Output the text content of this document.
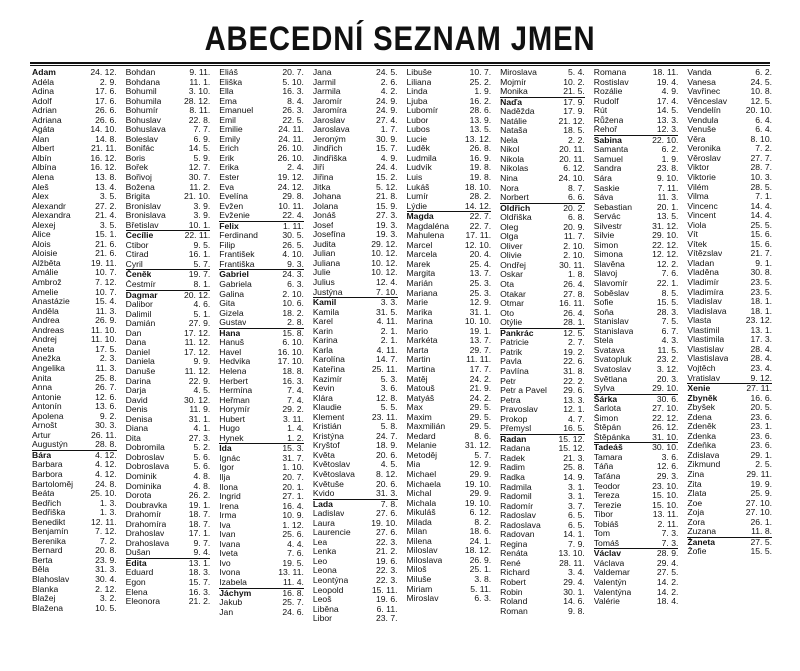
ABECEDNÍ SEZNAM JMEN
Adam	24. 12.
Adéla	2. 9.
Adina	17. 6.
Adolf	17. 6.
Adrian	26. 6.
Adriana	26. 6.
Agáta	14. 10.
Alan	14. 8.
Albert	21. 11.
Albín	16. 12.
Albína	16. 12.
Alena	13. 8.
Aleš	13. 4.
Alex	3. 5.
Alexandr	27. 2.
Alexandra	21. 4.
Alexej	3. 5.
Alice	15. 1.
Alois	21. 6.
Aloisie	21. 6.
Alžběta	19. 11.
Amálie	10. 7.
Ambrož	7. 12.
Amelie	10. 7.
Anastázie	15. 4.
Anděla	11. 3.
Andrea	26. 9.
Andreas	11. 10.
Andrej	11. 10.
Aneta	17. 5.
Anežka	2. 3.
Angelika	11. 3.
Anita	25. 8.
Anna	26. 7.
Antonie	12. 6.
Antonín	13. 6.
Apolena	9. 2.
Arnošt	30. 3.
Artur	26. 11.
Augustýn	28. 8.
Bára	4. 12.
Barbara	4. 12.
Barbora	4. 12.
Bartoloměj	24. 8.
Beáta	25. 10.
Bedřich	1. 3.
Bedřiška	1. 3.
Benedikt	12. 11.
Benjamín	7. 12.
Berenika	7. 2.
Bernard	20. 8.
Berta	23. 9.
Běla	31. 3.
Blahoslav	30. 4.
Blanka	2. 12.
Blažej	3. 2.
Blažena	10. 5.
Bohdan	9. 11.
Bohdana	11. 1.
Bohumil	3. 10.
Bohumila	28. 12.
Bohumír	8. 11.
Bohuslav	22. 8.
Bohuslava	7. 7.
Boleslav	6. 9.
Bonifác	14. 5.
Boris	5. 9.
Bořek	12. 7.
Bořivoj	30. 7.
Božena	11. 2.
Brigita	21. 10.
Bronislav	3. 9.
Bronislava	3. 9.
Břetislav	10. 1.
Cecílie	22. 11.
Ctibor	9. 5.
Ctirad	16. 1.
Cyril	5. 7.
Čeněk	19. 7.
Čestmír	8. 1.
Dagmar	20. 12.
Dalibor	4. 6.
Dalimil	5. 1.
Damián	27. 9.
Dan	17. 12.
Dana	11. 12.
Daniel	17. 12.
Daniela	9. 9.
Danuše	11. 12.
Darina	22. 9.
Darja	4. 5.
David	30. 12.
Denis	11. 9.
Denisa	31. 1.
Diana	4. 1.
Dita	27. 3.
Dobromila	5. 2.
Dobroslav	5. 6.
Dobroslava	5. 6.
Dominik	4. 8.
Dominika	4. 8.
Dorota	26. 2.
Doubravka	19. 1.
Drahomír	18. 7.
Drahomíra	18. 7.
Drahoslav	17. 1.
Drahoslava	9. 7.
Dušan	9. 4.
Edita	13. 1.
Eduard	18. 3.
Egon	15. 7.
Elena	16. 3.
Eleonora	21. 2.
Eliáš	20. 7.
Eliška	5. 10.
Ella	16. 3.
Ema	8. 4.
Emanuel	26. 3.
Emil	22. 5.
Emilie	24. 11.
Emily	24. 11.
Erich	26. 10.
Erik	26. 10.
Erika	2. 4.
Ester	19. 12.
Eva	24. 12.
Evelína	29. 8.
Evžen	10. 11.
Evženie	22. 4.
Felix	1. 11.
Ferdinand	30. 5.
Filip	26. 5.
František	4. 10.
Františka	9. 3.
Gabriel	24. 3.
Gabriela	6. 3.
Galina	2. 10.
Gita	10. 6.
Gizela	18. 2.
Gustav	2. 8.
Hana	15. 8.
Hanuš	6. 10.
Havel	16. 10.
Hedvika	17. 10.
Helena	18. 8.
Herbert	16. 3.
Hermína	7. 4.
Heřman	7. 4.
Horymír	29. 2.
Hubert	3. 11.
Hugo	1. 4.
Hynek	1. 2.
Ida	15. 3.
Ignác	31. 7.
Igor	1. 10.
Ilja	20. 7.
Ilona	20. 1.
Ingrid	27. 1.
Irena	16. 4.
Irma	10. 9.
Iva	1. 12.
Ivan	25. 6.
Ivana	4. 4.
Iveta	7. 6.
Ivo	19. 5.
Ivona	13. 11.
Izabela	11. 4.
Jáchym	16. 8.
Jakub	25. 7.
Jan	24. 6.
Jana	24. 5.
Jarmil	2. 6.
Jarmila	4. 2.
Jaromír	24. 9.
Jaromíra	24. 9.
Jaroslav	27. 4.
Jaroslava	1. 7.
Jeroným	30. 9.
Jindřich	15. 7.
Jindřiška	4. 9.
Jiří	24. 4.
Jiřina	15. 2.
Jitka	5. 12.
Johana	21. 8.
Jolana	15. 9.
Jonáš	27. 3.
Josef	19. 3.
Josefína	19. 3.
Judita	29. 12.
Julian	10. 12.
Juliana	10. 12.
Julie	10. 12.
Julius	12. 4.
Justýna	7. 10.
Kamil	3. 3.
Kamila	31. 5.
Karel	4. 11.
Karin	2. 1.
Karina	2. 1.
Karla	4. 11.
Karolína	14. 7.
Kateřina	25. 11.
Kazimír	5. 3.
Kevin	3. 6.
Klára	12. 8.
Klaudie	5. 5.
Klement	23. 11.
Kristián	5. 8.
Kristýna	24. 7.
Kryštof	18. 9.
Květa	20. 6.
Květoslav	4. 5.
Květoslava 8. 12.
Květuše	20. 6.
Kvido	31. 3.
Lada	7. 8.
Ladislav	27. 6.
Laura	19. 10.
Laurencie	27. 6.
Lea	22. 3.
Lenka	21. 2.
Leo	19. 6.
Leona	22. 3.
Leontýna	22. 3.
Leopold	15. 11.
Leoš	19. 6.
Liběna	6. 11.
Libor	23. 7.
Libuše	10. 7.
Liliana	25. 2.
Linda	1. 9.
Ljuba	16. 2.
Lubomír	28. 6.
Lubor	13. 9.
Lubos	13. 5.
Lucie	13. 12.
Luděk	26. 8.
Ludmila	16. 9.
Ludvík	19. 8.
Luis	19. 8.
Lukáš	18. 10.
Lumír	28. 2.
Lýdie	14. 12.
Magda	22. 7.
Magdaléna 22. 7.
Mahulena 17. 11.
Marcel	12. 10.
Marcela	20. 4.
Marek	25. 4.
Margita	13. 7.
Marián	25. 3.
Mariana	25. 3.
Marie	12. 9.
Marika	31. 1.
Marina	10. 10.
Mario	19. 1.
Markéta	13. 7.
Marta	29. 7.
Martin	11. 11.
Martina	17. 7.
Matěj	24. 2.
Matouš	21. 9.
Matyáš	24. 2.
Max	29. 5.
Maxim	29. 5.
Maxmilián	29. 5.
Medard	8. 6.
Melanie	31. 12.
Metoděj	5. 7.
Mia	12. 9.
Michael	29. 9.
Michaela	19. 10.
Michal	29. 9.
Michala	19. 10.
Mikuláš	6. 12.
Milada	8. 2.
Milan	18. 6.
Milena	24. 1.
Miloslav	18. 12.
Miloslava	26. 9.
Miloš	25. 1.
Miluše	3. 8.
Miriam	5. 11.
Miroslav	6. 3.
Miroslava	5. 4.
Mojmír	10. 2.
Monika	21. 5.
Naďa	17. 9.
Naděžda	17. 9.
Natálie	21. 12.
Nataša	18. 5.
Nela	2. 2.
Nikol	20. 11.
Nikola	20. 11.
Nikolas	6. 12.
Nina	24. 10.
Nora	8. 7.
Norbert	6. 6.
Oldřich	20. 2.
Oldřiška	6. 8.
Oleg	20. 9.
Olga	11. 7.
Oliver	2. 10.
Olivie	2. 10.
Ondřej	30. 11.
Oskar	1. 8.
Ota	26. 4.
Otakar	27. 8.
Otmar	16. 11.
Oto	26. 4.
Otýlie	28. 1.
Pankrác	12. 5.
Patricie	2. 7.
Patrik	19. 2.
Pavla	22. 6.
Pavlína	31. 8.
Petr	22. 2.
Petr a Pavel 29. 6.
Petra	13. 3.
Pravoslav	12. 1.
Prokop	4. 7.
Přemysl	16. 5.
Radan	15. 12.
Radana	15. 12.
Radek	21. 3.
Radim	25. 8.
Radka	14. 9.
Radmila	3. 1.
Radomil	3. 1.
Radomír	3. 7.
Radoslav	6. 5.
Radoslava	6. 5.
Radovan	14. 1.
Regina	7. 9.
Renáta	13. 10.
René	28. 11.
Richard	3. 4.
Robert	29. 4.
Robin	30. 1.
Roland	14. 6.
Roman	9. 8.
Romana	18. 11.
Rostislav	19. 4.
Rozálie	4. 9.
Rudolf	17. 4.
Rút	14. 5.
Růžena	13. 3.
Řehoř	12. 3.
Sabina	22. 10.
Samanta	6. 2.
Samuel	1. 9.
Sandra	23. 8.
Sára	9. 10.
Saskie	7. 11.
Sáva	11. 3.
Sebastian	20. 1.
Servác	13. 5.
Silvestr	31. 12.
Silvie	29. 10.
Simon	22. 12.
Simona	12. 12.
Slavěna	12. 2.
Slavoj	7. 6.
Slavomír	22. 1.
Soběslav	8. 5.
Sofie	15. 5.
Soňa	28. 3.
Stanislav	7. 5.
Stanislava	6. 7.
Stela	4. 3.
Svatava	11. 5.
Svatopluk	23. 2.
Svatoslav	3. 12.
Světlana	20. 3.
Sylva	29. 10.
Šárka	30. 6.
Šarlota	27. 10.
Šimon	22. 12.
Štěpán	26. 12.
Štěpánka	31. 10.
Tadeáš	30. 10.
Tamara	3. 6.
Táňa	12. 6.
Taťána	29. 3.
Teodor	23. 10.
Tereza	15. 10.
Terezie	15. 10.
Tibor	13. 11.
Tobiáš	2. 11.
Tom	7. 3.
Tomáš	7. 3.
Václav	28. 9.
Václava	29. 4.
Valdemar	27. 5.
Valentýn	14. 2.
Valentýna	14. 2.
Valérie	18. 4.
Vanda	6. 2.
Vanesa	24. 5.
Vavřinec	10. 8.
Věnceslav	12. 5.
Vendelín	20. 10.
Vendula	6. 4.
Venuše	6. 4.
Věra	8. 10.
Veronika	7. 2.
Věroslav	27. 7.
Viktor	28. 7.
Viktorie	10. 3.
Vilém	28. 5.
Vilma	7. 1.
Vincenc	14. 4.
Vincent	14. 4.
Viola	25. 5.
Vít	15. 6.
Vítek	15. 6.
Vítězslav	21. 7.
Vladan	9. 1.
Vladěna	30. 8.
Vladimír	23. 5.
Vladimíra	23. 5.
Vladislav	18. 1.
Vladislava	18. 1.
Vlasta	23. 12.
Vlastimil	13. 1.
Vlastimila	17. 3.
Vlastislav	28. 4.
Vlastislava	28. 4.
Vojtěch	23. 4.
Vratislav	9. 12.
Xenie	27. 11.
Zbyněk	16. 6.
Zbyšek	20. 5.
Zdena	23. 6.
Zdeněk	23. 1.
Zdenka	23. 6.
Zdeňka	23. 6.
Zdislava	29. 1.
Zikmund	2. 5.
Zina	29. 11.
Zita	19. 9.
Zlata	25. 9.
Zoe	27. 10.
Zoja	27. 10.
Zora	26. 1.
Zuzana	11. 8.
Žaneta	27. 5.
Žofie	15. 5.
